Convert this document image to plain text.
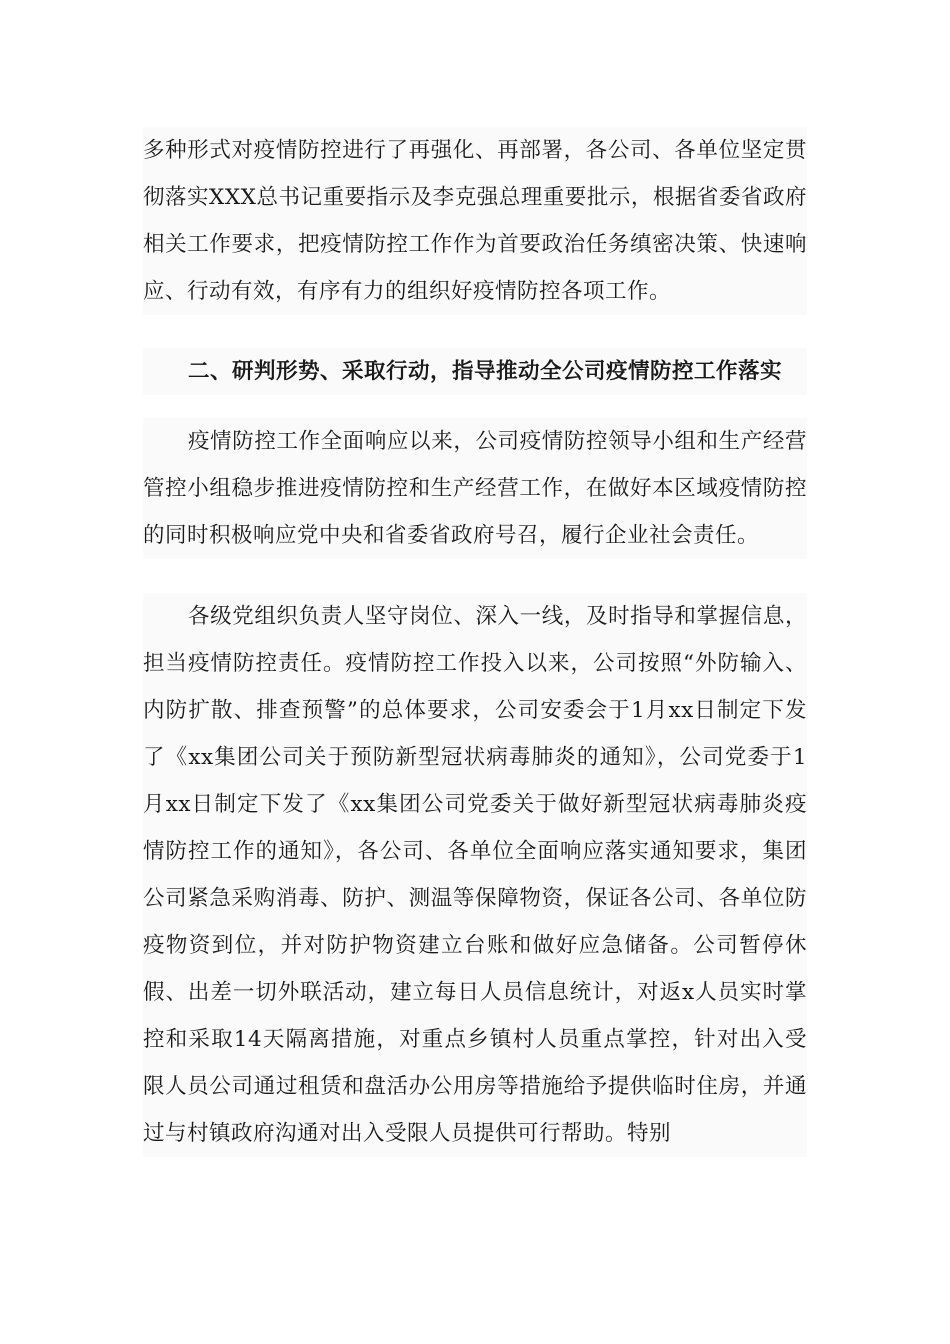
多种形式对疫情防控进行了再强化、再部署，各公司、各单位坚定贯彻落实XXX总书记重要指示及李克强总理重要批示，根据省委省政府相关工作要求，把疫情防控工作作为首要政治任务缜密决策、快速响应、行动有效，有序有力的组织好疫情防控各项工作。

二、研判形势、采取行动，指导推动全公司疫情防控工作落实

疫情防控工作全面响应以来，公司疫情防控领导小组和生产经营管控小组稳步推进疫情防控和生产经营工作，在做好本区域疫情防控的同时积极响应党中央和省委省政府号召，履行企业社会责任。

各级党组织负责人坚守岗位、深入一线，及时指导和掌握信息，担当疫情防控责任。疫情防控工作投入以来，公司按照“外防输入、内防扩散、排查预警”的总体要求，公司安委会于1月xx日制定下发了《xx集团公司关于预防新型冠状病毒肺炎的通知》，公司党委于1月xx日制定下发了《xx集团公司党委关于做好新型冠状病毒肺炎疫情防控工作的通知》，各公司、各单位全面响应落实通知要求，集团公司紧急采购消毒、防护、测温等保障物资，保证各公司、各单位防疫物资到位，并对防护物资建立台账和做好应急储备。公司暂停休假、出差一切外联活动，建立每日人员信息统计，对返x人员实时掌控和采取14天隔离措施，对重点乡镇村人员重点掌控，针对出入受限人员公司通过租赁和盘活办公用房等措施给予提供临时住房，并通过与村镇政府沟通对出入受限人员提供可行帮助。特别
